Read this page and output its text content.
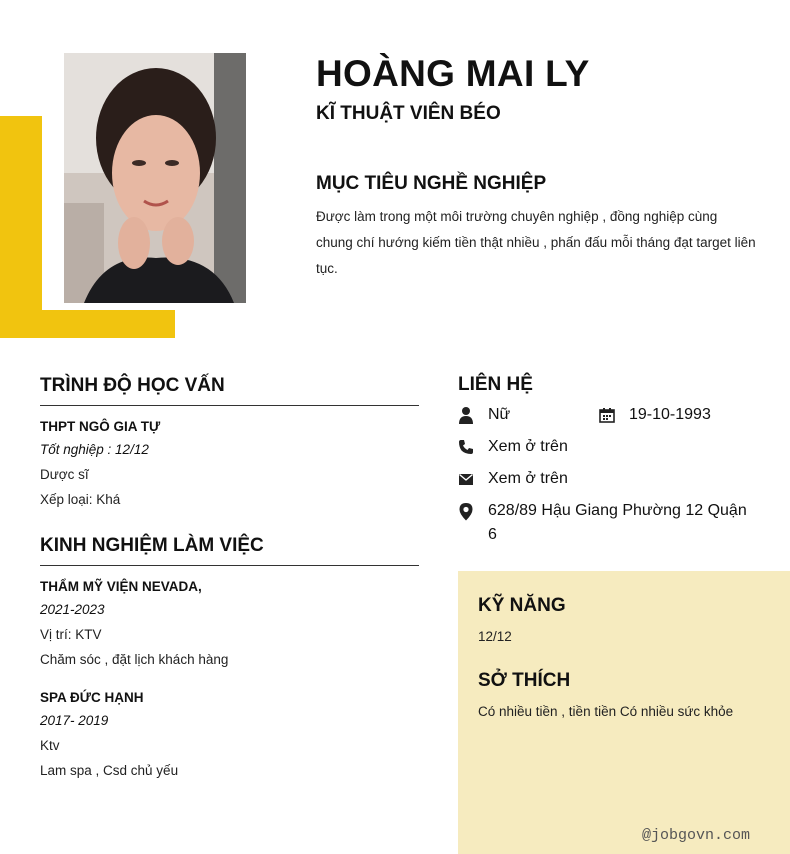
HOÀNG MAI LY
KĨ THUẬT VIÊN BÉO
MỤC TIÊU NGHỀ NGHIỆP

Được làm trong một môi trường chuyên nghiệp , đồng nghiệp cùng chung chí hướng kiếm tiền thật nhiều , phấn đấu mỗi tháng đạt target liên tục.

TRÌNH ĐỘ HỌC VẤN
THPT NGÔ GIA TỰ
Tốt nghiệp : 12/12
Dược sĩ
Xếp loại: Khá
KINH NGHIỆM LÀM VIỆC
THẨM MỸ VIỆN NEVADA,
2021-2023
Vị trí: KTV
Chăm sóc , đặt lịch khách hàng
SPA ĐỨC HẠNH
2017- 2019
Ktv
Lam spa , Csd chủ yếu
LIÊN HỆ
Nữ	19-10-1993
Xem ở trên
Xem ở trên
628/89 Hậu Giang Phường 12 Quận 6
KỸ NĂNG

12/12

SỞ THÍCH

Có nhiều tiền , tiền tiền Có nhiều sức khỏe

@jobgovn.com
